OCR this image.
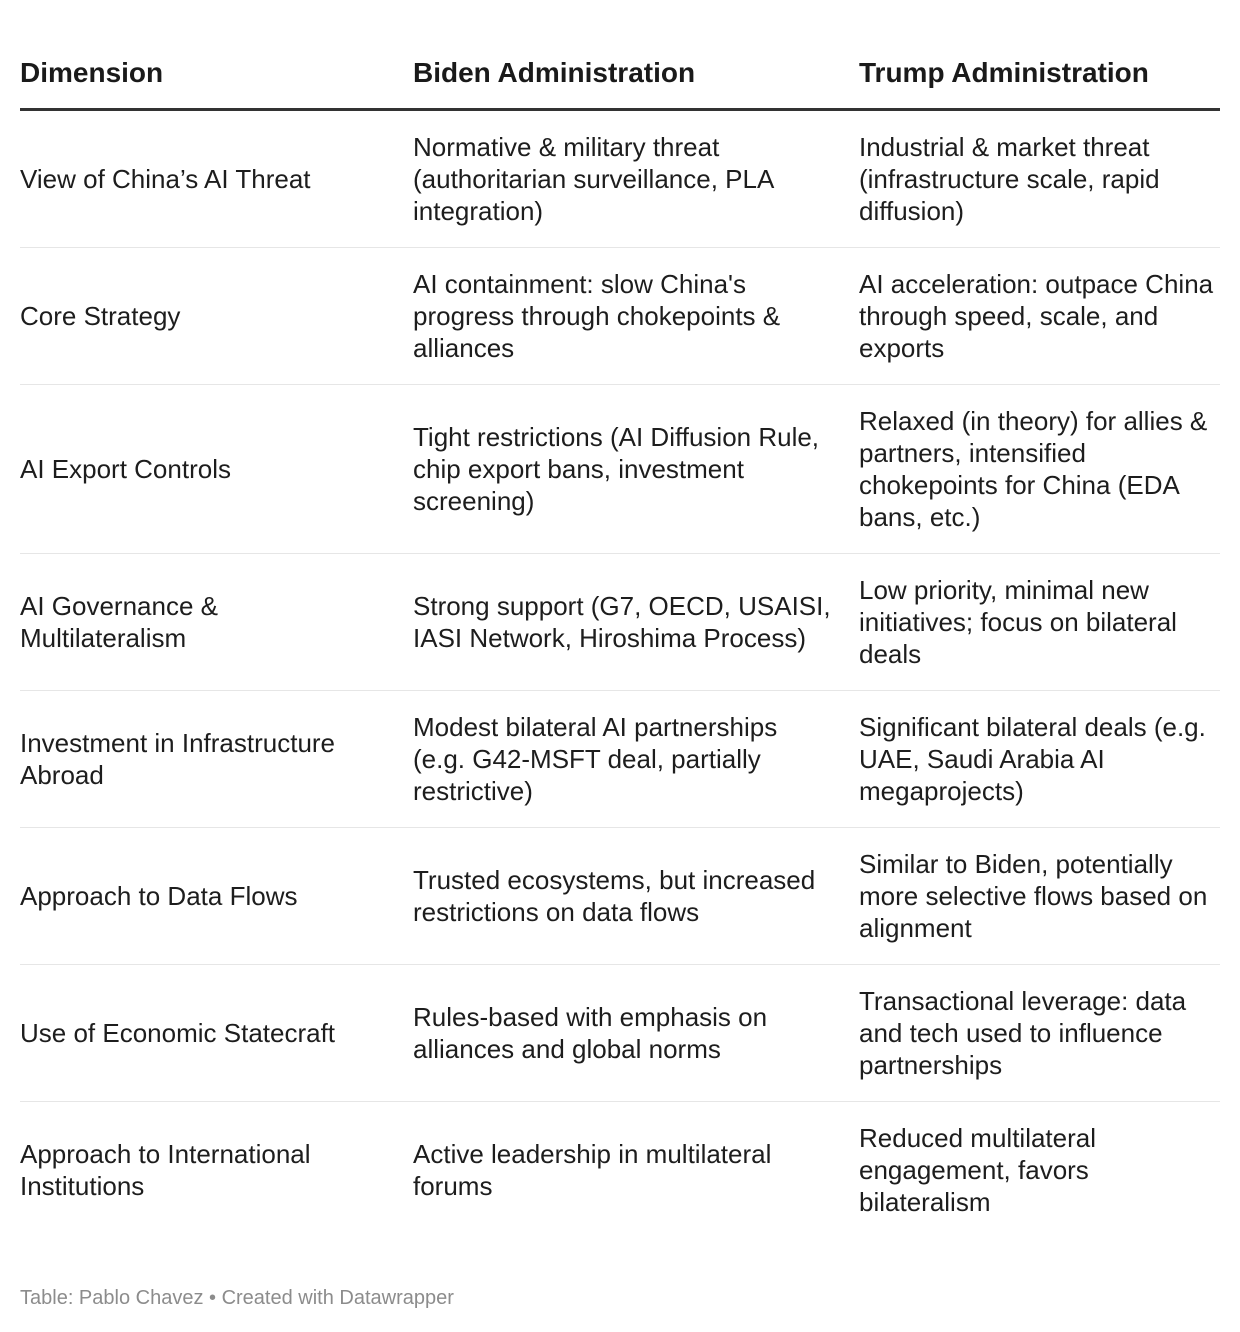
Dimension	Biden Administration	Trump Administration
View of China’s AI Threat	Normative & military threat (authoritarian surveillance, PLA integration)	Industrial & market threat (infrastructure scale, rapid diffusion)
Core Strategy	AI containment: slow China's progress through chokepoints & alliances	AI acceleration: outpace China through speed, scale, and exports
AI Export Controls	Tight restrictions (AI Diffusion Rule, chip export bans, investment screening)	Relaxed (in theory) for allies & partners, intensified chokepoints for China (EDA bans, etc.)
AI Governance & Multilateralism	Strong support (G7, OECD, USAISI, IASI Network, Hiroshima Process)	Low priority, minimal new initiatives; focus on bilateral deals
Investment in Infrastructure Abroad	Modest bilateral AI partnerships (e.g. G42-MSFT deal, partially restrictive)	Significant bilateral deals (e.g. UAE, Saudi Arabia AI megaprojects)
Approach to Data Flows	Trusted ecosystems, but increased restrictions on data flows	Similar to Biden, potentially more selective flows based on alignment
Use of Economic Statecraft	Rules-based with emphasis on alliances and global norms	Transactional leverage: data and tech used to influence partnerships
Approach to International Institutions	Active leadership in multilateral forums	Reduced multilateral engagement, favors bilateralism
Table: Pablo Chavez • Created with Datawrapper
